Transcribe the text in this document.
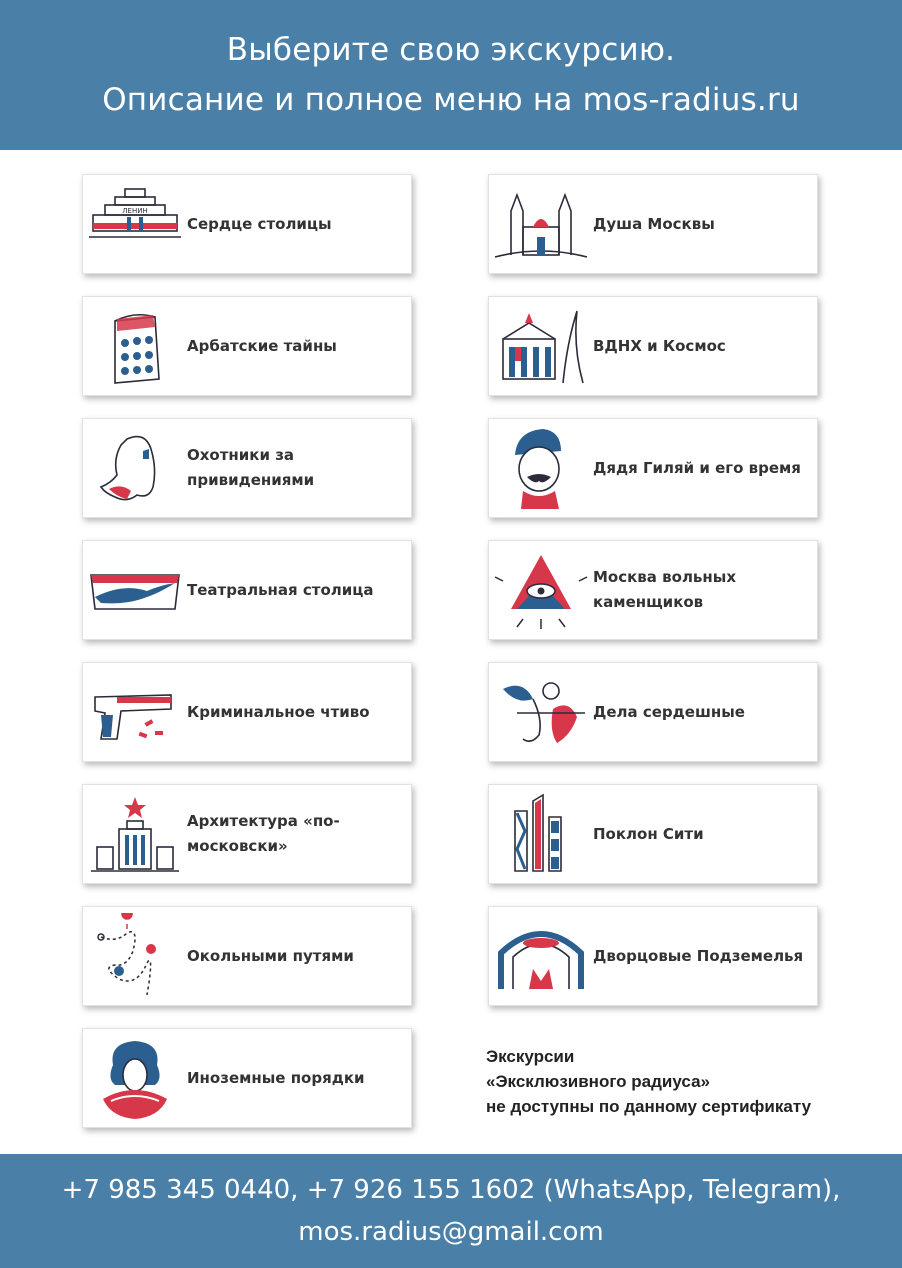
Выберите свою экскурсию.
Описание и полное меню на mos-radius.ru
ЛЕНИН
Сердце столицы
Арбатские тайны
Охотники за привидениями
Театральная столица
Криминальное чтиво
Архитектура «по-московски»
Окольными путями
Иноземные порядки
Душа Москвы
ВДНХ и Космос
Дядя Гиляй и его время
Москва вольных каменщиков
Дела сердешные
Поклон Сити
Дворцовые Подземелья
Экскурсии
«Эксклюзивного радиуса»
не доступны по данному сертификату
+7 985 345 0440, +7 926 155 1602 (WhatsApp, Telegram),
mos.radius@gmail.com
